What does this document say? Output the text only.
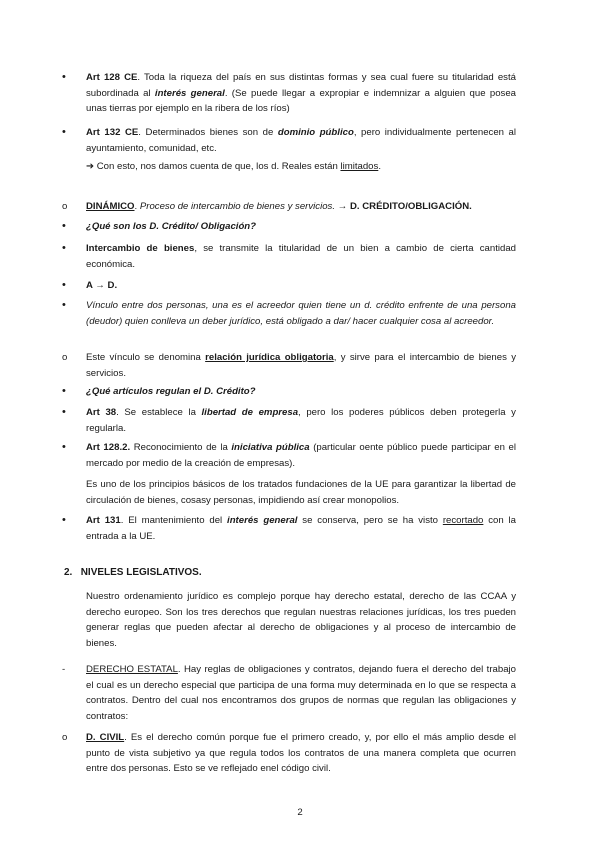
•
Art 128 CE. Toda la riqueza del país en sus distintas formas y sea cual fuere su titularidad está subordinada al interés general. (Se puede llegar a expropiar e indemnizar a alguien que posea unas tierras por ejemplo en la ribera de los ríos)
•
Art 132 CE. Determinados bienes son de dominio público, pero individualmente pertenecen al ayuntamiento, comunidad, etc.
➔ Con esto, nos damos cuenta de que, los d. Reales están limitados.
o DINÁMICO. Proceso de intercambio de bienes y servicios. → D. CRÉDITO/OBLIGACIÓN.
•
¿Qué son los D. Crédito/ Obligación?
•
Intercambio de bienes, se transmite la titularidad de un bien a cambio de cierta cantidad económica.
•
A → D.
•
Vínculo entre dos personas, una es el acreedor quien tiene un d. crédito enfrente de una persona (deudor) quien conlleva un deber jurídico, está obligado a dar/ hacer cualquier cosa al acreedor.
o Este vínculo se denomina relación jurídica obligatoria, y sirve para el intercambio de bienes y servicios.
•
¿Qué artículos regulan el D. Crédito?
•
Art 38. Se establece la libertad de empresa, pero los poderes públicos deben protegerla y regularla.
•
Art 128.2. Reconocimiento de la iniciativa pública (particular oente público puede participar en el mercado por medio de la creación de empresas).
Es uno de los principios básicos de los tratados fundaciones de la UE para garantizar la libertad de circulación de bienes, cosasy personas, impidiendo así crear monopolios.
•
Art 131. El mantenimiento del interés general se conserva, pero se ha visto recortado con la entrada a la UE.
2. NIVELES LEGISLATIVOS.
Nuestro ordenamiento jurídico es complejo porque hay derecho estatal, derecho de las CCAA y derecho europeo. Son los tres derechos que regulan nuestras relaciones jurídicas, los tres pueden generar reglas que pueden afectar al derecho de obligaciones y al proceso de intercambio de bienes.
- DERECHO ESTATAL. Hay reglas de obligaciones y contratos, dejando fuera el derecho del trabajo el cual es un derecho especial que participa de una forma muy determinada en lo que se respecta a contratos. Dentro del cual nos encontramos dos grupos de normas que regulan las obligaciones y contratos:
o D. CIVIL. Es el derecho común porque fue el primero creado, y, por ello el más amplio desde el punto de vista subjetivo ya que regula todos los contratos de una manera completa que ocurren entre dos personas. Esto se ve reflejado enel código civil.
2
